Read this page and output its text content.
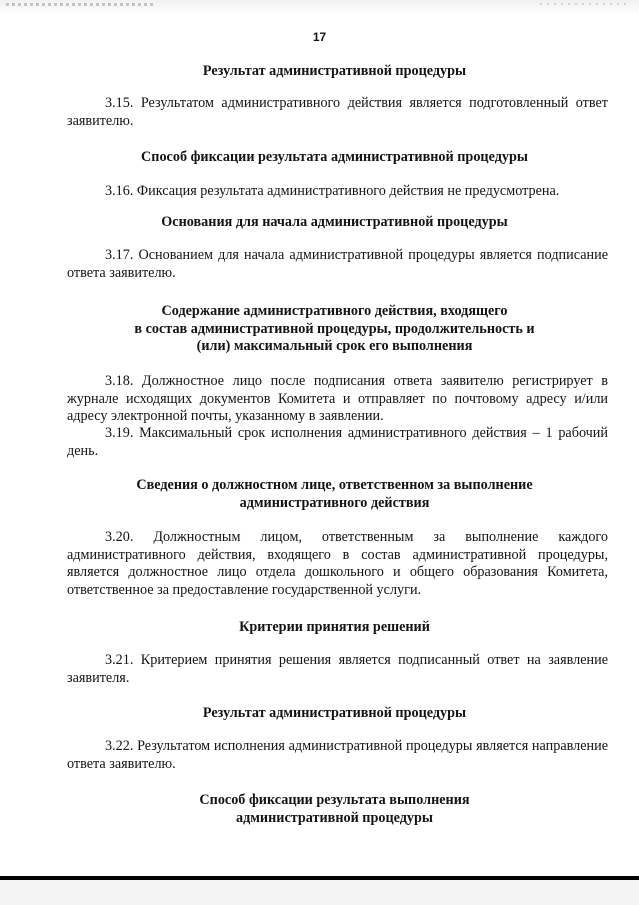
17

Результат административной процедуры

3.15. Результатом административного действия является подготовленный ответ заявителю.

Способ фиксации результата административной процедуры

3.16. Фиксация результата административного действия не предусмотрена.

Основания для начала административной процедуры

3.17. Основанием для начала административной процедуры является подписание ответа заявителю.

Содержание административного действия, входящего
в состав административной процедуры, продолжительность и
(или) максимальный срок его выполнения

3.18. Должностное лицо после подписания ответа заявителю регистрирует в журнале исходящих документов Комитета и отправляет по почтовому адресу и/или адресу электронной почты, указанному в заявлении.

3.19. Максимальный срок исполнения административного действия – 1 рабочий день.

Сведения о должностном лице, ответственном за выполнение
административного действия

3.20. Должностным лицом, ответственным за выполнение каждого административного действия, входящего в состав административной процедуры, является должностное лицо отдела дошкольного и общего образования Комитета, ответственное за предоставление государственной услуги.

Критерии принятия решений

3.21. Критерием принятия решения является подписанный ответ на заявление заявителя.

Результат административной процедуры

3.22. Результатом исполнения административной процедуры является направление ответа заявителю.

Способ фиксации результата выполнения
административной процедуры
